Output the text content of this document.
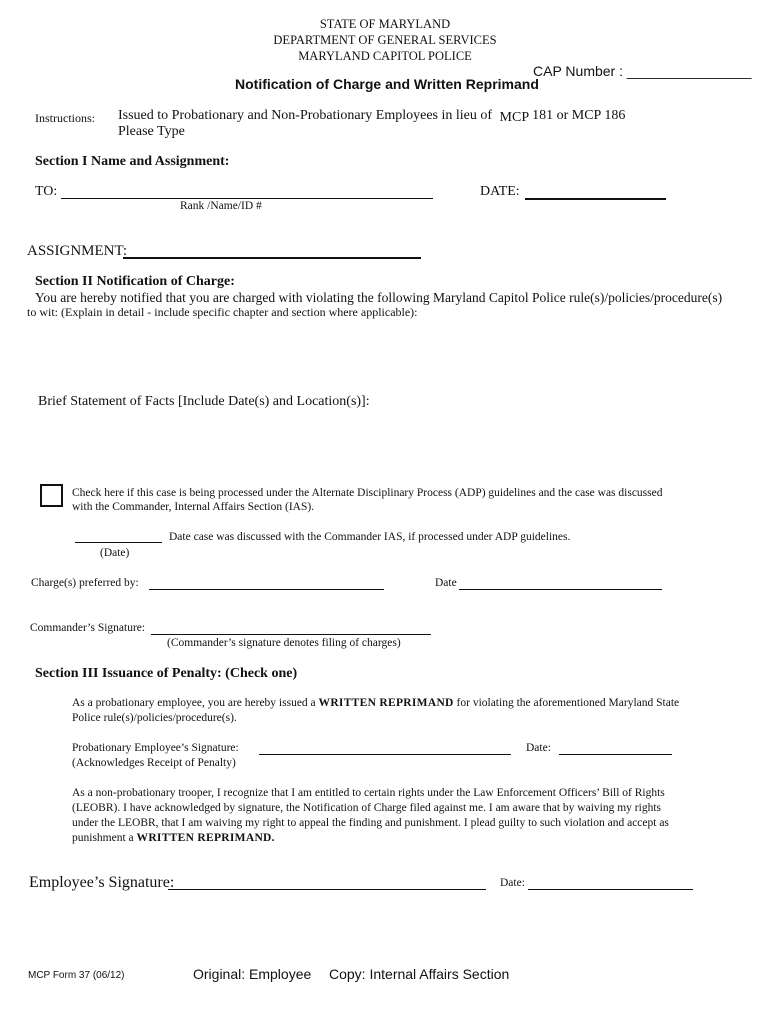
STATE OF MARYLAND
DEPARTMENT OF GENERAL SERVICES
MARYLAND CAPITOL POLICE
CAP Number : ________________
Notification of Charge and Written Reprimand
Instructions: Issued to Probationary and Non-Probationary Employees in lieu of MCP 181 or MCP 186
Please Type
Section I Name and Assignment:
TO:
Rank /Name/ID #
DATE:
ASSIGNMENT:
Section II Notification of Charge:
You are hereby notified that you are charged with violating the following Maryland Capitol Police rule(s)/policies/procedure(s)
to wit: (Explain in detail - include specific chapter and section where applicable):
Brief Statement of Facts [Include Date(s) and Location(s)]:
Check here if this case is being processed under the Alternate Disciplinary Process (ADP) guidelines and the case was discussed
with the Commander, Internal Affairs Section (IAS).
Date case was discussed with the Commander IAS, if processed under ADP guidelines.
(Date)
Charge(s) preferred by:	Date
Commander’s Signature:
(Commander’s signature denotes filing of charges)
Section III Issuance of Penalty: (Check one)
As a probationary employee, you are hereby issued a WRITTEN REPRIMAND for violating the aforementioned Maryland State
Police rule(s)/policies/procedure(s).
Probationary Employee’s Signature:	Date:
(Acknowledges Receipt of Penalty)
As a non-probationary trooper, I recognize that I am entitled to certain rights under the Law Enforcement Officers’ Bill of Rights
(LEOBR). I have acknowledged by signature, the Notification of Charge filed against me. I am aware that by waiving my rights
under the LEOBR, that I am waiving my right to appeal the finding and punishment. I plead guilty to such violation and accept as
punishment a WRITTEN REPRIMAND.
Employee’s Signature:	Date:
MCP Form 37 (06/12)	Original: Employee Copy: Internal Affairs Section
